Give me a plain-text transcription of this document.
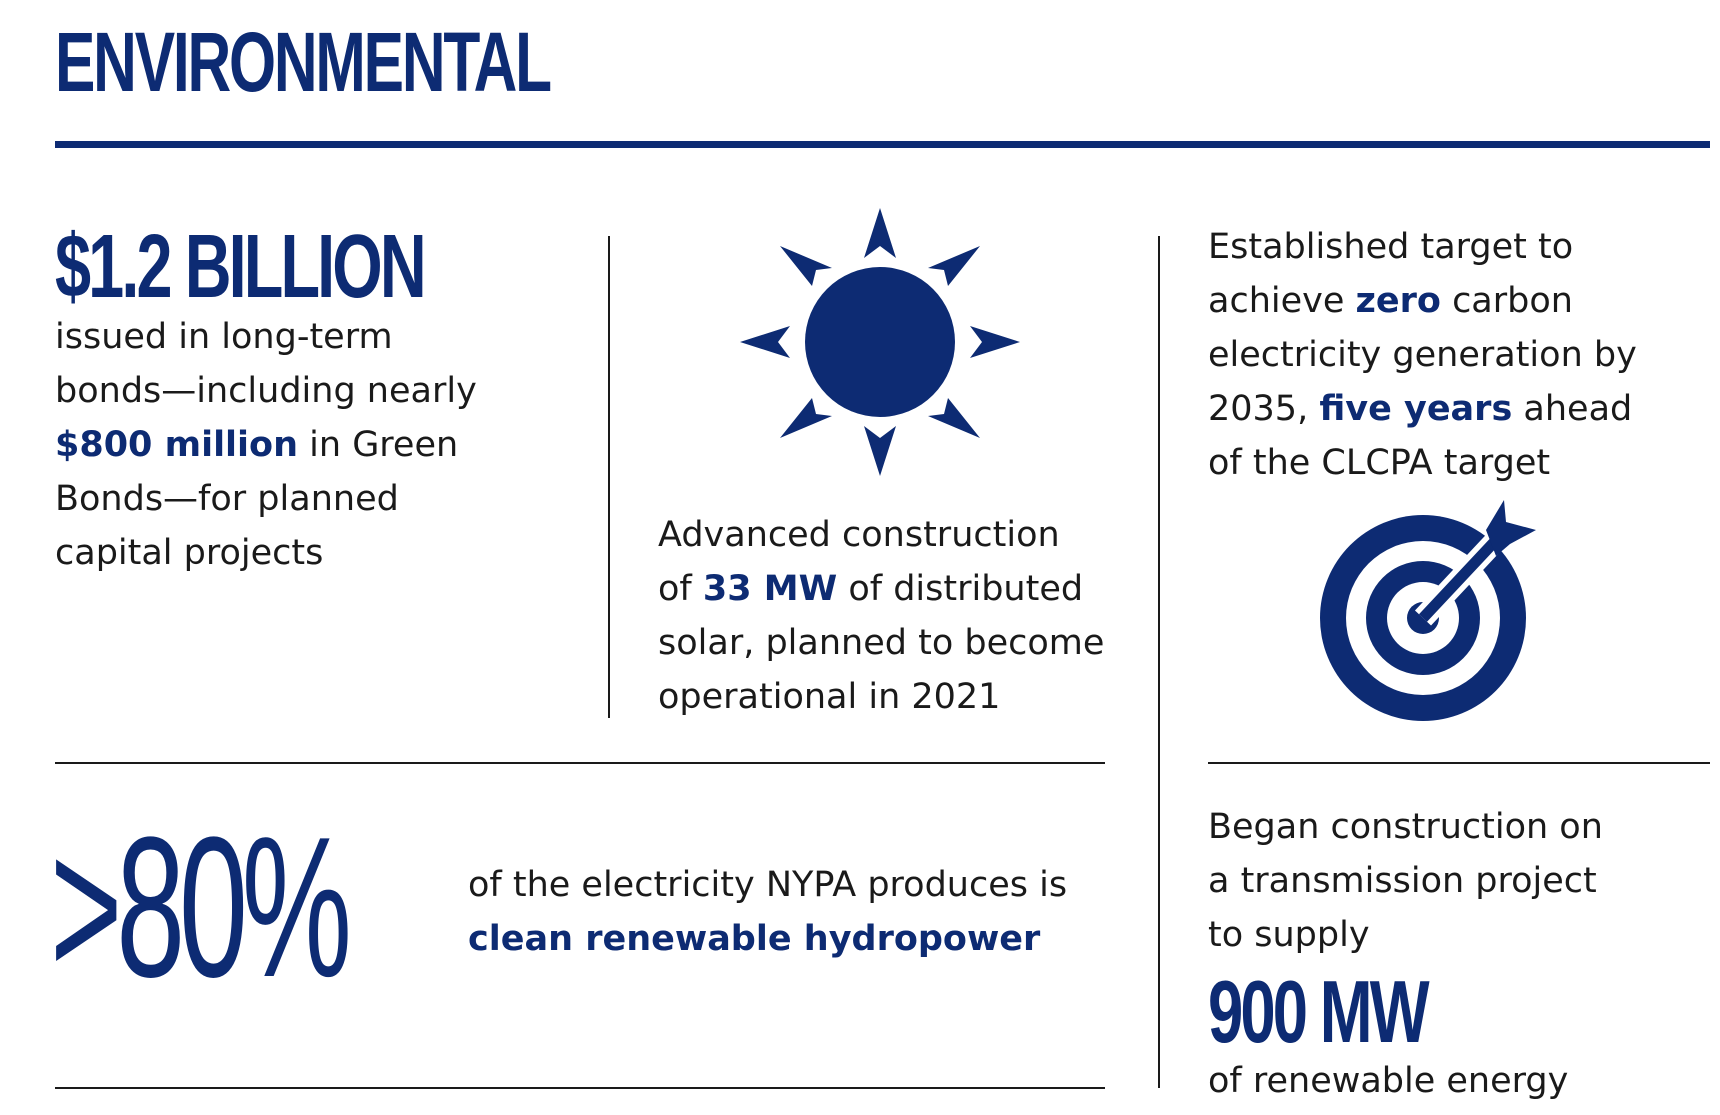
ENVIRONMENTAL
$1.2 BILLION
issued in long-term
bonds—including nearly
$800 million in Green
Bonds—for planned
capital projects	Advanced construction
of 33 MW of distributed
solar, planned to become
operational in 2021
Established target to
achieve zero carbon
electricity generation by
2035, five years ahead
of the CLCPA target
>80%	of the electricity NYPA produces is
clean renewable hydropower
Began construction on
a transmission project
to supply
900 MW
of renewable energy
